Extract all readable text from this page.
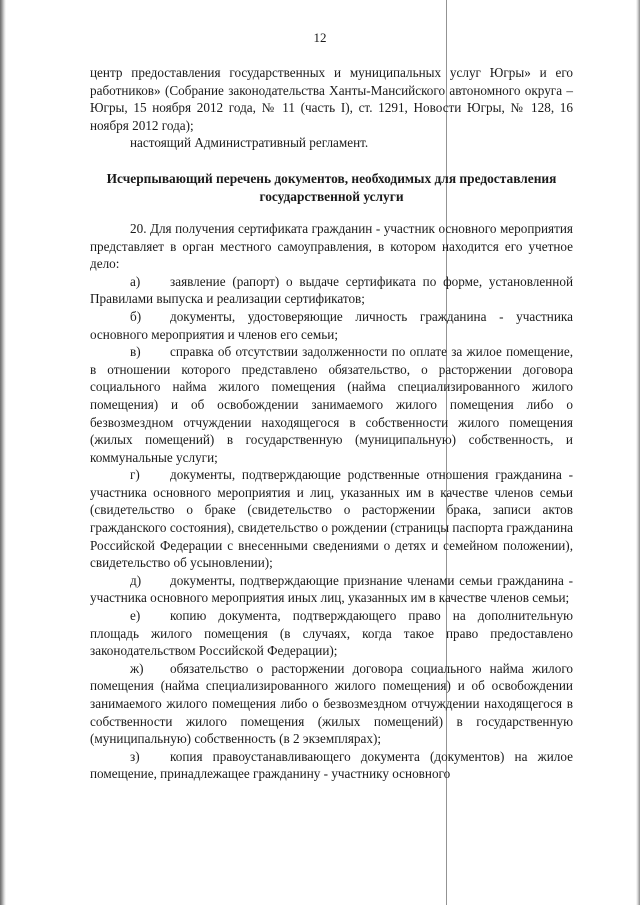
12

центр предоставления государственных и муниципальных услуг Югры» и его работников» (Собрание законодательства Ханты-Мансийского автономного округа – Югры, 15 ноября 2012 года, № 11 (часть I), ст. 1291, Новости Югры, № 128, 16 ноября 2012 года);

настоящий Административный регламент.

Исчерпывающий перечень документов, необходимых для предоставления государственной услуги

20. Для получения сертификата гражданин - участник основного мероприятия представляет в орган местного самоуправления, в котором находится его учетное дело:

а) заявление (рапорт) о выдаче сертификата по форме, установленной Правилами выпуска и реализации сертификатов;

б) документы, удостоверяющие личность гражданина - участника основного мероприятия и членов его семьи;

в) справка об отсутствии задолженности по оплате за жилое помещение, в отношении которого представлено обязательство, о расторжении договора социального найма жилого помещения (найма специализированного жилого помещения) и об освобождении занимаемого жилого помещения либо о безвозмездном отчуждении находящегося в собственности жилого помещения (жилых помещений) в государственную (муниципальную) собственность, и коммунальные услуги;

г) документы, подтверждающие родственные отношения гражданина - участника основного мероприятия и лиц, указанных им в качестве членов семьи (свидетельство о браке (свидетельство о расторжении брака, записи актов гражданского состояния), свидетельство о рождении (страницы паспорта гражданина Российской Федерации с внесенными сведениями о детях и семейном положении), свидетельство об усыновлении);

д) документы, подтверждающие признание членами семьи гражданина - участника основного мероприятия иных лиц, указанных им в качестве членов семьи;

е) копию документа, подтверждающего право на дополнительную площадь жилого помещения (в случаях, когда такое право предоставлено законодательством Российской Федерации);

ж) обязательство о расторжении договора социального найма жилого помещения (найма специализированного жилого помещения) и об освобождении занимаемого жилого помещения либо о безвозмездном отчуждении находящегося в собственности жилого помещения (жилых помещений) в государственную (муниципальную) собственность (в 2 экземплярах);

з) копия правоустанавливающего документа (документов) на жилое помещение, принадлежащее гражданину - участнику основного
